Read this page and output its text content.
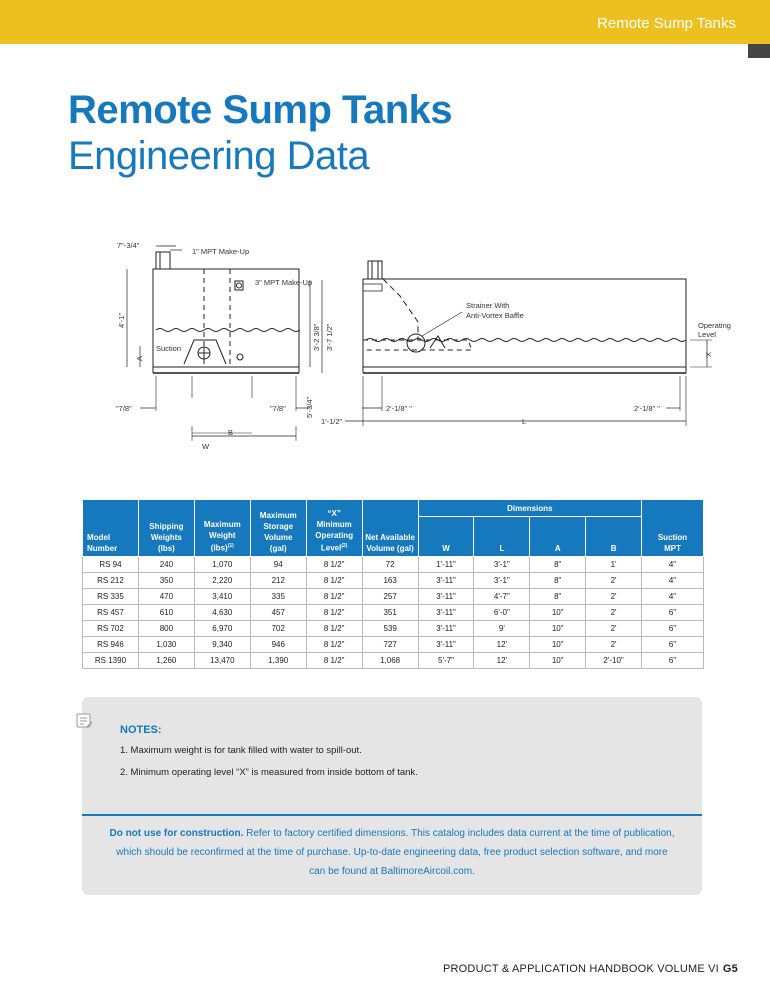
Remote Sump Tanks
Remote Sump Tanks
Engineering Data
7"-3/4"
1" MPT Make-Up
3" MPT Make-Up
Suction
A
4'-1"
3'-2 3/8" 3'-7 1/2"
5'-3/4"
"7/8"	"7/8"
B
W
Strainer With
Anti-Vortex Baffle
Operating
Level
X
2'-1/8" "	2'-1/8" "
1'-1/2"	L
Model
Number	Shipping
Weights
(lbs)	Maximum
Weight
(lbs)$^{(1)}$	Maximum
Storage
Volume
(gal)	“X”
Minimum
Operating
Level$^{(2)}$	Net Available
Volume (gal)	Dimensions				Suction
MPT
						W	L	A	B	
RS 94	240	1,070	94	8 1/2"	72	1'-11"	3'-1"	8"	1'	4"
RS 212	350	2,220	212	8 1/2"	163	3'-11"	3'-1"	8"	2'	4"
RS 335	470	3,410	335	8 1/2"	257	3'-11"	4'-7"	8"	2'	4"
RS 457	610	4,630	457	8 1/2"	351	3'-11"	6'-0"	10"	2'	6"
RS 702	800	6,970	702	8 1/2"	539	3'-11"	9'	10"	2'	6"
RS 946	1,030	9,340	946	8 1/2"	727	3'-11"	12'	10"	2'	6"
RS 1390	1,260	13,470	1,390	8 1/2"	1,068	5'-7"	12'	10"	2'-10"	6"
NOTES:
1. Maximum weight is for tank filled with water to spill-out.
2. Minimum operating level “X” is measured from inside bottom of tank.
Do not use for construction. Refer to factory certified dimensions. This catalog includes data current at the time of publication, which should be reconfirmed at the time of purchase. Up-to-date engineering data, free product selection software, and more can be found at BaltimoreAircoil.com.
PRODUCT & APPLICATION HANDBOOK VOLUME VI G5
